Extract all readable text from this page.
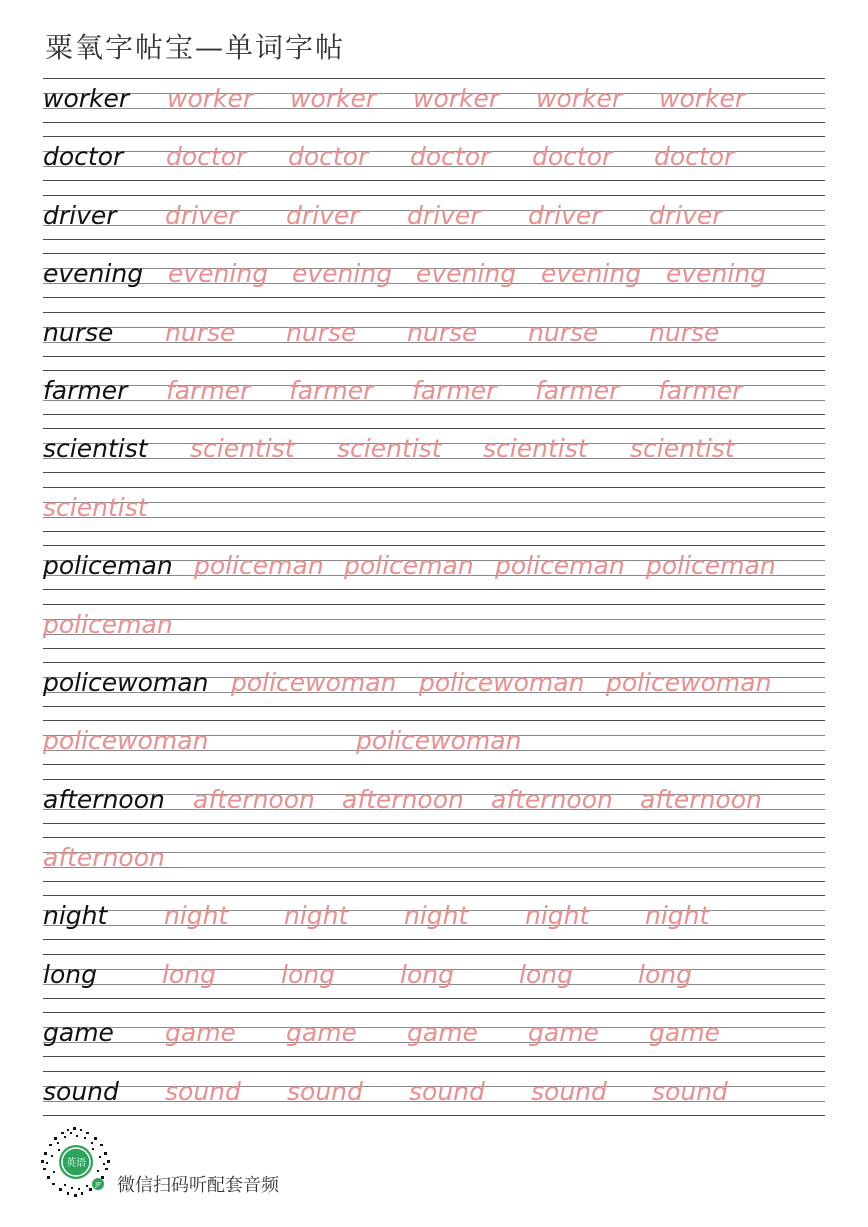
粟氧字帖宝—单词字帖
worker worker worker worker worker worker
doctor doctor doctor doctor doctor doctor
driver driver driver driver driver driver
evening evening evening evening evening evening
nurse nurse nurse nurse nurse nurse
farmer farmer farmer farmer farmer farmer
scientist scientist scientist scientist scientist
scientist
policeman policeman policeman policeman policeman
policeman
policewoman policewoman policewoman policewoman
policewoman	policewoman
afternoon afternoon afternoon afternoon afternoon
afternoon
night night night night night night
long	long	long	long	long	long
game game game game game game
sound sound sound sound sound sound
英语
JP 微信扫码听配套音频
